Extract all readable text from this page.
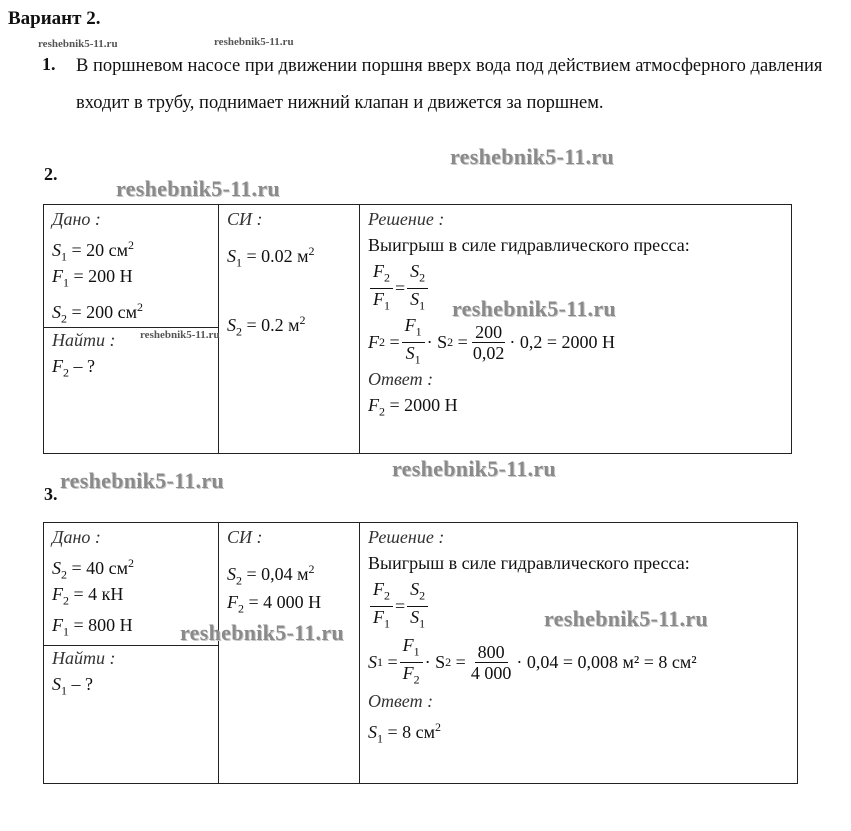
Вариант 2.
reshebnik5-11.ru	reshebnik5-11.ru
1. В поршневом насосе при движении поршня вверх вода под действием атмосферного давления входит в трубу, поднимает нижний клапан и движется за поршнем.
reshebnik5-11.ru
2.
reshebnik5-11.ru
Дано :
$S_1 = 20$ $см^2$
$F_1 = 200$ Н
$S_2 = 200$ $см^2$
Найти :
$F_2$ – ?

СИ :
$S_1 = 0.02$ $м^2$
$S_2 = 0.2$ $м^2$

Решение :
Выигрыш в силе гидравлического пресса:
$\frac{F_2}{F_1} = \frac{S_2}{S_1}$
F $2 = \frac{F_1}{S_1} \cdot S$ $2 = \frac{200}{0,02} \cdot 0,2 = 2000$ Н
Ответ :
$F_2 = 2000$ Н
reshebnik5-11.ru
reshebnik5-11.ru
reshebnik5-11.ru
reshebnik5-11.ru
3.
Дано :
$S_2 = 40$ $см^2$
$F_2 = 4$ кН
$F_1 = 800$ Н
Найти :
$S_1$ – ?

СИ :
$S_2 = 0,04$ $м^2$
$F_2 = 4$ 000 Н

Решение :
Выигрыш в силе гидравлического пресса:
$\frac{F_2}{F_1} = \frac{S_2}{S_1}$
S $1 = \frac{F_1}{F_2} \cdot S$ $2 = \frac{800}{4 000} \cdot 0,04 = 0,008$ м² = 8 см²
Ответ :
$S_1 = 8$ $см^2$
reshebnik5-11.ru
reshebnik5-11.ru
